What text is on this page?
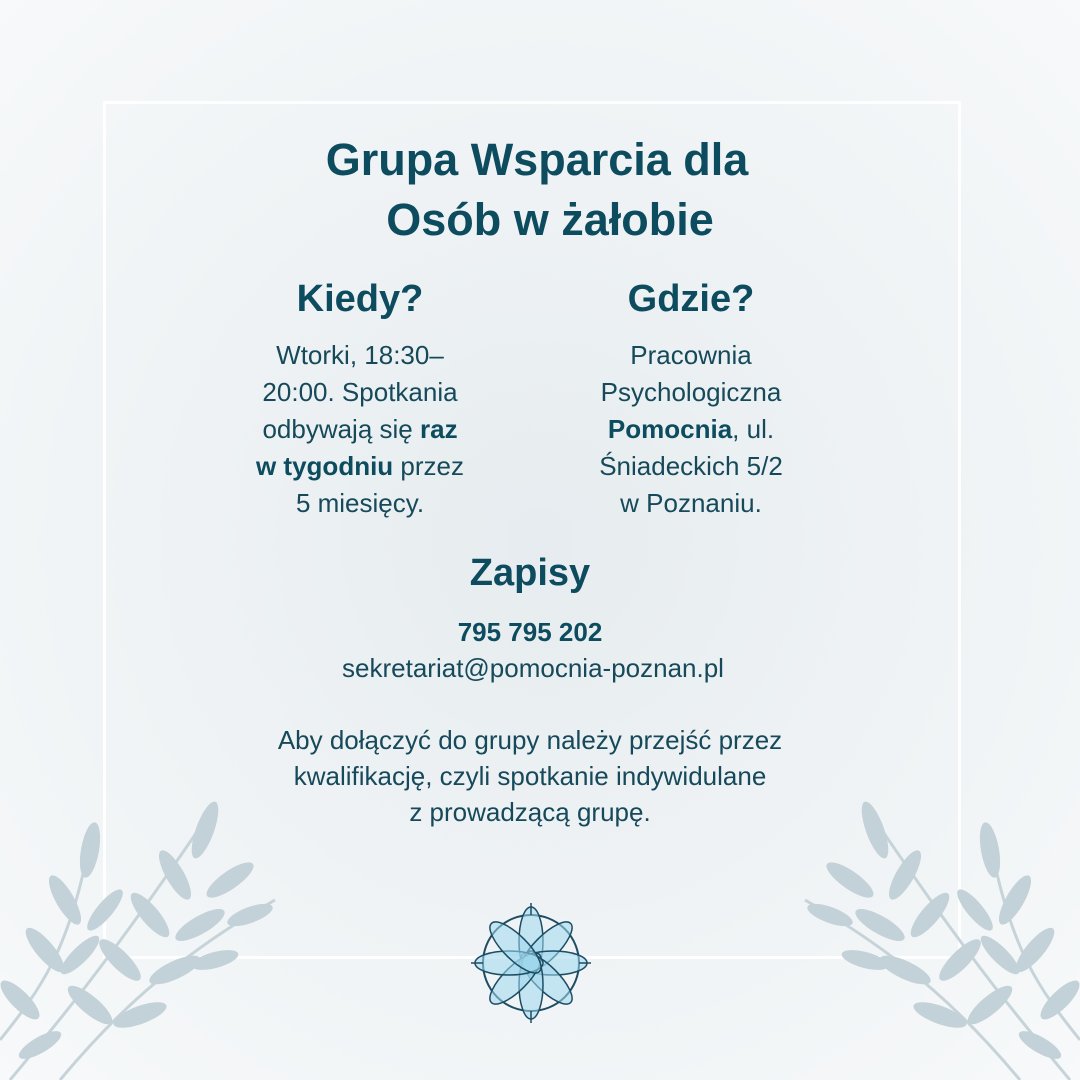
Grupa Wsparcia dla
Osób w żałobie
Kiedy?
Wtorki, 18:30–
20:00. Spotkania
odbywają się raz
w tygodniu przez
5 miesięcy.
Gdzie?
Pracownia
Psychologiczna
Pomocnia, ul.
Śniadeckich 5/2
w Poznaniu.
Zapisy
795 795 202
sekretariat@pomocnia-poznan.pl
Aby dołączyć do grupy należy przejść przez
kwalifikację, czyli spotkanie indywidulane
z prowadzącą grupę.
